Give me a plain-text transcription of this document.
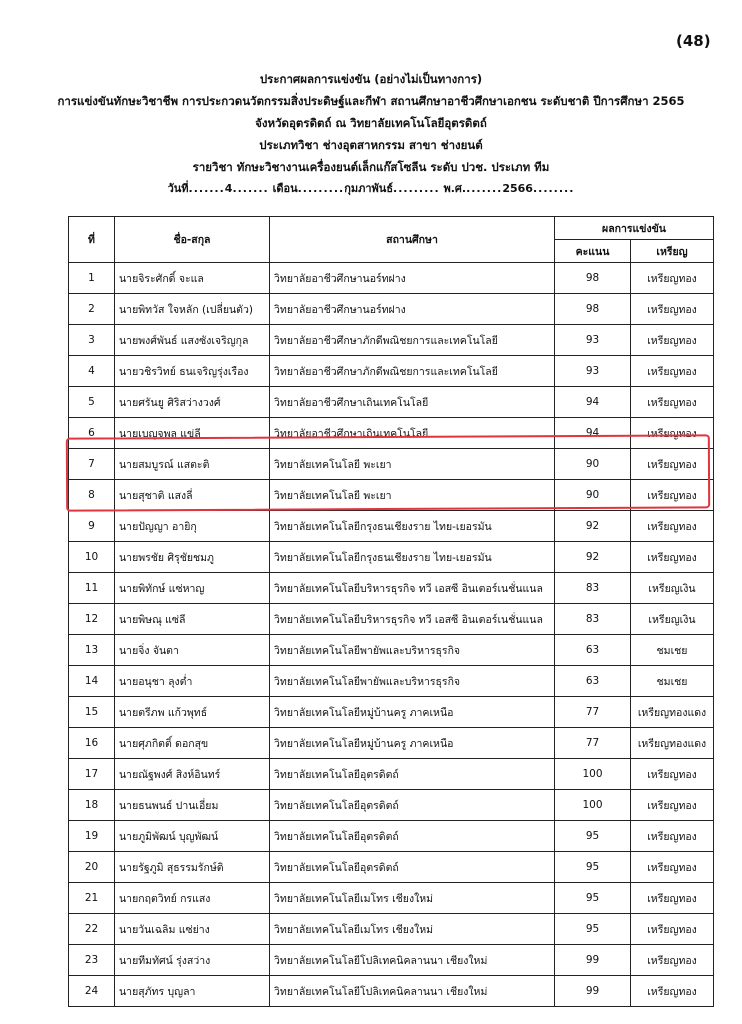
(48)
ประกาศผลการแข่งขัน (อย่างไม่เป็นทางการ)
การแข่งขันทักษะวิชาชีพ การประกวดนวัตกรรมสิ่งประดิษฐ์และกีฬา สถานศึกษาอาชีวศึกษาเอกชน ระดับชาติ ปีการศึกษา 2565
จังหวัดอุตรดิตถ์ ณ วิทยาลัยเทคโนโลยีอุตรดิตถ์
ประเภทวิชา ช่างอุตสาหกรรม สาขา ช่างยนต์
รายวิชา ทักษะวิชางานเครื่องยนต์เล็กแก๊สโซลีน ระดับ ปวช. ประเภท ทีม
วันที่.......4....... เดือน.........กุมภาพันธ์......... พ.ศ........2566........
ที่	ชื่อ-สกุล	สถานศึกษา	ผลการแข่งขัน	
			คะแนน	เหรียญ
1	นายจิระศักดิ์ จะแล	วิทยาลัยอาชีวศึกษานอร์ทฝาง	98	เหรียญทอง
2	นายพิทวัส ใจหลัก (เปลี่ยนตัว)	วิทยาลัยอาชีวศึกษานอร์ทฝาง	98	เหรียญทอง
3	นายพงศ์พันธ์ แสงซังเจริญกุล	วิทยาลัยอาชีวศึกษาภักดีพณิชยการและเทคโนโลยี	93	เหรียญทอง
4	นายวชิรวิทย์ ธนเจริญรุ่งเรือง	วิทยาลัยอาชีวศึกษาภักดีพณิชยการและเทคโนโลยี	93	เหรียญทอง
5	นายศรันยู ศิริสว่างวงศ์	วิทยาลัยอาชีวศึกษาเถินเทคโนโลยี	94	เหรียญทอง
6	นายเบญจพล แข่ลี	วิทยาลัยอาชีวศึกษาเถินเทคโนโลยี	94	เหรียญทอง
7	นายสมบูรณ์ แสตะติ	วิทยาลัยเทคโนโลยี พะเยา	90	เหรียญทอง
8	นายสุชาติ แสงลี่	วิทยาลัยเทคโนโลยี พะเยา	90	เหรียญทอง
9	นายปัญญา อายิกุ	วิทยาลัยเทคโนโลยีกรุงธนเชียงราย ไทย-เยอรมัน	92	เหรียญทอง
10	นายพรชัย ศิรุชัยชมภู	วิทยาลัยเทคโนโลยีกรุงธนเชียงราย ไทย-เยอรมัน	92	เหรียญทอง
11	นายพิทักษ์ แซ่หาญ	วิทยาลัยเทคโนโลยีบริหารธุรกิจ ทวี เอสซี อินเตอร์เนชั่นแนล	83	เหรียญเงิน
12	นายพิษณุ แซ่ลี	วิทยาลัยเทคโนโลยีบริหารธุรกิจ ทวี เอสซี อินเตอร์เนชั่นแนล	83	เหรียญเงิน
13	นายจิ่ง จันตา	วิทยาลัยเทคโนโลยีพายัพและบริหารธุรกิจ	63	ชมเชย
14	นายอนุชา ลุงต่ำ	วิทยาลัยเทคโนโลยีพายัพและบริหารธุรกิจ	63	ชมเชย
15	นายตรีภพ แก้วพุทธ์	วิทยาลัยเทคโนโลยีหมู่บ้านครู ภาคเหนือ	77	เหรียญทองแดง
16	นายศุภกิตติ์ ดอกสุข	วิทยาลัยเทคโนโลยีหมู่บ้านครู ภาคเหนือ	77	เหรียญทองแดง
17	นายณัฐพงศ์ สิงห์อินทร์	วิทยาลัยเทคโนโลยีอุตรดิตถ์	100	เหรียญทอง
18	นายธนพนธ์ ปานเอี่ยม	วิทยาลัยเทคโนโลยีอุตรดิตถ์	100	เหรียญทอง
19	นายภูมิพัฒน์ บุญพัฒน์	วิทยาลัยเทคโนโลยีอุตรดิตถ์	95	เหรียญทอง
20	นายรัฐภูมิ สุธรรมรักษ์ติ	วิทยาลัยเทคโนโลยีอุตรดิตถ์	95	เหรียญทอง
21	นายกฤตวิทย์ กรแสง	วิทยาลัยเทคโนโลยีเมโทร เชียงใหม่	95	เหรียญทอง
22	นายวันเฉลิม แซ่ย่าง	วิทยาลัยเทคโนโลยีเมโทร เชียงใหม่	95	เหรียญทอง
23	นายทีมทัศน์ รุ่งสว่าง	วิทยาลัยเทคโนโลยีโปลิเทคนิคลานนา เชียงใหม่	99	เหรียญทอง
24	นายสุภัทร บุญลา	วิทยาลัยเทคโนโลยีโปลิเทคนิคลานนา เชียงใหม่	99	เหรียญทอง
